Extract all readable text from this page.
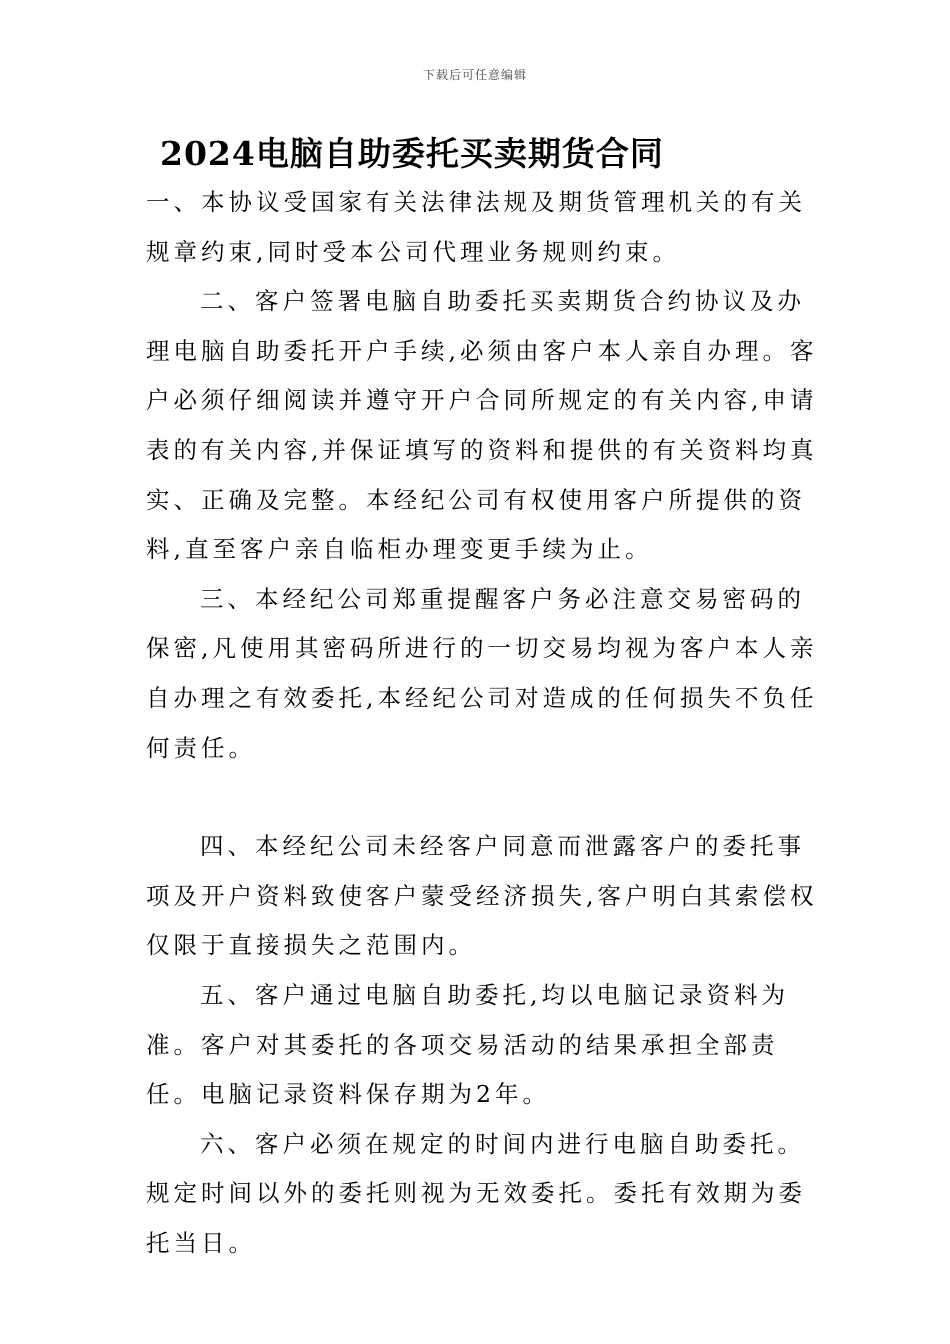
下载后可任意编辑
2024电脑自助委托买卖期货合同

一、本协议受国家有关法律法规及期货管理机关的有关规章约束,同时受本公司代理业务规则约束。

二、客户签署电脑自助委托买卖期货合约协议及办理电脑自助委托开户手续,必须由客户本人亲自办理。客户必须仔细阅读并遵守开户合同所规定的有关内容,申请表的有关内容,并保证填写的资料和提供的有关资料均真实、正确及完整。本经纪公司有权使用客户所提供的资料,直至客户亲自临柜办理变更手续为止。

三、本经纪公司郑重提醒客户务必注意交易密码的保密,凡使用其密码所进行的一切交易均视为客户本人亲自办理之有效委托,本经纪公司对造成的任何损失不负任何责任。

四、本经纪公司未经客户同意而泄露客户的委托事项及开户资料致使客户蒙受经济损失,客户明白其索偿权仅限于直接损失之范围内。

五、客户通过电脑自助委托,均以电脑记录资料为准。客户对其委托的各项交易活动的结果承担全部责任。电脑记录资料保存期为2年。

六、客户必须在规定的时间内进行电脑自助委托。规定时间以外的委托则视为无效委托。委托有效期为委托当日。
